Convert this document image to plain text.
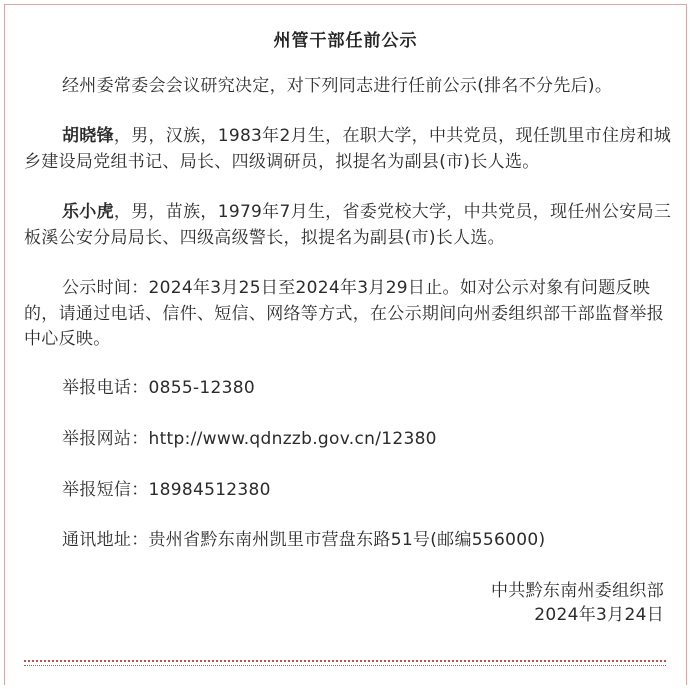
州管干部任前公示

经州委常委会会议研究决定，对下列同志进行任前公示(排名不分先后)。

胡晓锋，男，汉族，1983年2月生，在职大学，中共党员，现任凯里市住房和城乡建设局党组书记、局长、四级调研员，拟提名为副县(市)长人选。

乐小虎，男，苗族，1979年7月生，省委党校大学，中共党员，现任州公安局三板溪公安分局局长、四级高级警长，拟提名为副县(市)长人选。

公示时间：2024年3月25日至2024年3月29日止。如对公示对象有问题反映的，请通过电话、信件、短信、网络等方式，在公示期间向州委组织部干部监督举报中心反映。

举报电话：0855-12380
举报网站：http://www.qdnzzb.gov.cn/12380
举报短信：18984512380
通讯地址：贵州省黔东南州凯里市营盘东路51号(邮编556000)
中共黔东南州委组织部
2024年3月24日
